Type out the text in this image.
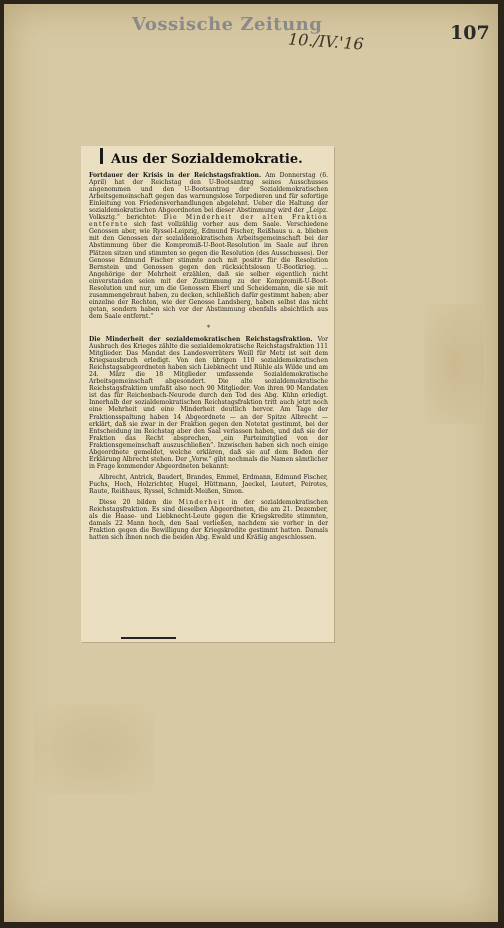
Vossische Zeitung
10./IV.'16	107
Aus der Sozialdemokratie.

Fortdauer der Krisis in der Reichstagsfraktion. Am Donnerstag (6. April) hat der Reichstag den U-Bootsantrag seines Ausschusses angenommen und den U-Bootsantrag der Sozialdemokratischen Arbeitsgemeinschaft gegen das warnungslose Torpedieren und für sofortige Einleitung von Friedensverhandlungen abgelehnt. Ueber die Haltung der sozialdemokratischen Abgeordneten bei dieser Abstimmung wird der „Leipz. Volksztg.“ berichtet: Die Minderheit der alten Fraktion entfernte sich fast vollzählig vorher aus dem Saale. Verschiedene Genossen aber, wie Ryssel-Leipzig, Edmund Fischer, Reißhaus u. a. blieben mit den Genossen der sozialdemokratischen Arbeitsgemeinschaft bei der Abstimmung über die Kompromiß-U-Boot-Resolution im Saale auf ihren Plätzen sitzen und stimmten so gegen die Resolution (des Ausschusses). Der Genosse Edmund Fischer stimmte auch mit positiv für die Resolution Bernstein und Genossen gegen den rücksichtslosen U-Bootkrieg. ... Angehörige der Mehrheit erzählen, daß sie selber eigentlich nicht einverstanden seien mit der Zustimmung zu der Kompromiß-U-Boot-Resolution und nur, um die Genossen Ebert und Scheidemann, die sie mit zusammengebraut haben, zu decken, schließlich dafür gestimmt haben; aber einzelne der Rechten, wie der Genosse Landsberg, haben selbst das nicht getan, sondern haben sich vor der Abstimmung ebenfalls absichtlich aus dem Saale entfernt.“

*

Die Minderheit der sozialdemokratischen Reichstagsfraktion. Vor Ausbruch des Krieges zählte die sozialdemokratische Reichstagsfraktion 111 Mitglieder. Das Mandat des Landesverräters Weill für Metz ist seit dem Kriegsausbruch erledigt. Von den übrigen 110 sozialdemokratischen Reichstagsabgeordneten haben sich Liebknecht und Rühle als Wilde und am 24. März die 18 Mitglieder umfassende Sozialdemokratische Arbeitsgemeinschaft abgesondert. Die alte sozialdemokratische Reichstagsfraktion umfaßt also noch 90 Mitglieder. Von ihren 90 Mandaten ist das für Reichenbach-Neurode durch den Tod des Abg. Kühn erledigt. Innerhalb der sozialdemokratischen Reichstagsfraktion tritt auch jetzt noch eine Mehrheit und eine Minderheit deutlich hervor. Am Tage der Fraktionsspaltung haben 14 Abgeordnete — an der Spitze Albrecht — erklärt, daß sie zwar in der Fraktion gegen den Notetat gestimmt, bei der Entscheidung im Reichstag aber den Saal verlassen haben, und daß sie der Fraktion das Recht absprechen, „ein Parteimitglied von der Fraktionsgemeinschaft auszuschließen“. Inzwischen haben sich noch einige Abgeordnete gemeldet, welche erklären, daß sie auf dem Boden der Erklärung Albrecht stehen. Der „Vorw.“ gibt nochmals die Namen sämtlicher in Frage kommender Abgeordneten bekannt:

Albrecht, Antrick, Baudert, Brandes, Emmel, Erdmann, Edmund Fischer, Fuchs, Hoch, Holzrichter, Hugel, Hüttmann, Jaeckel, Leutert, Peirotes, Raute, Reißhaus, Ryssel, Schmidt-Meißen, Simon.

Diese 20 bilden die Minderheit in der sozialdemokratischen Reichstagsfraktion. Es sind dieselben Abgeordneten, die am 21. Dezember, als die Haase- und Liebknecht-Leute gegen die Kriegskredite stimmten, damals 22 Mann hoch, den Saal verließen, nachdem sie vorher in der Fraktion gegen die Bewilligung der Kriegskredite gestimmt hatten. Damals hatten sich ihnen noch die beiden Abg. Ewald und Kräßig angeschlossen.
